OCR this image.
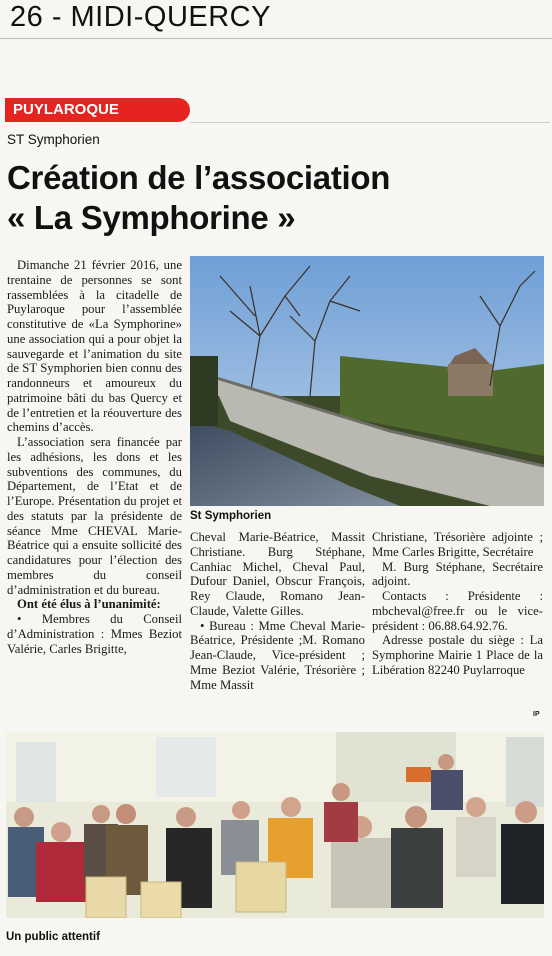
26 - MIDI-QUERCY
PUYLAROQUE
ST Symphorien
Création de l’association
« La Symphorine »

Dimanche 21 février 2016, une trentaine de personnes se sont rassemblées à la citadelle de Puylaroque pour l’assemblée constitutive de «La Symphorine» une association qui a pour objet la sauvegarde et l’animation du site de ST Symphorien bien connu des randonneurs et amoureux du patrimoine bâti du bas Quercy et de l’entretien et la réouverture des chemins d’accès.

L’association sera financée par les adhésions, les dons et les subventions des communes, du Département, de l’Etat et de l’Europe. Présentation du projet et des statuts par la présidente de séance Mme CHEVAL Marie- Béatrice qui a ensuite sollicité des candidatures pour l’élection des membres du conseil d’administration et du bureau.

Ont été élus à l’unanimité:

• Membres du Conseil d’Administration : Mmes Beziot Valérie, Carles Brigitte,

St Symphorien

Cheval Marie-Béatrice, Massit Christiane. Burg Stéphane, Canhiac Michel, Cheval Paul, Dufour Daniel, Obscur François, Rey Claude, Romano Jean-Claude, Valette Gilles.

• Bureau : Mme Cheval Marie-Béatrice, Présidente ;M. Romano Jean-Claude, Vice-président ; Mme Beziot Valérie, Trésorière ; Mme Massit

Christiane, Trésorière adjointe ; Mme Carles Brigitte, Secrétaire

M. Burg Stéphane, Secrétaire adjoint.

Contacts : Présidente : mbcheval@free.fr ou le vice-président : 06.88.64.92.76.

Adresse postale du siège : La Symphorine Mairie 1 Place de la Libération 82240 Puylarroque

IP
Un public attentif
